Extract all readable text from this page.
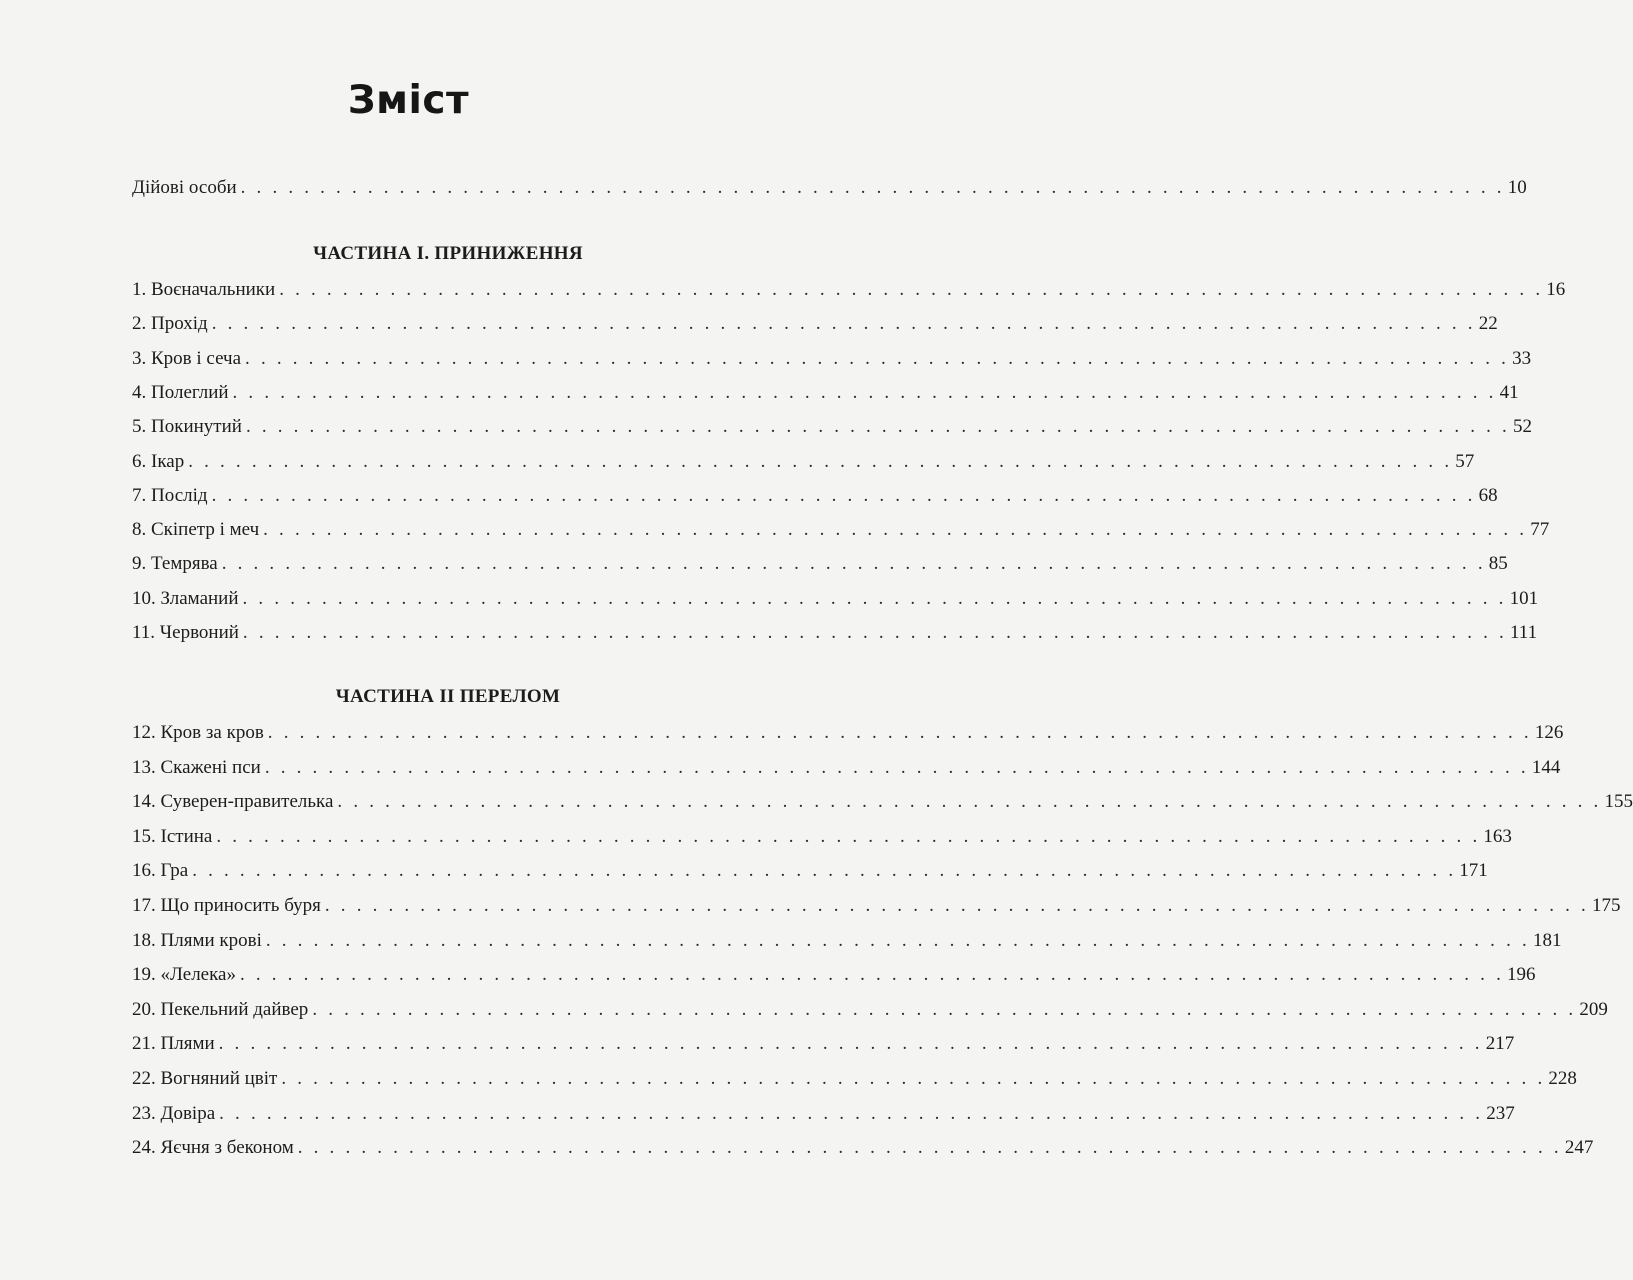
Зміст
Дійові особи . . . . . . . . . . . . . . . . . . . . . . . . . . . . . . . . . . . . . . . . . . . . . . . . . . . . . . . . . . . . . . . . . . . . . . . . . . . . . . . . 10
ЧАСТИНА І. ПРИНИЖЕННЯ
1. Воєначальники . . . . . . . . . . . . . . . . . . . . . . . . . . . . . . . . . . . . . . . . . . . . . . . . . . . . . . . . . . . . . . . . . . . . . . . . . . . . . . . . 16
2. Прохід . . . . . . . . . . . . . . . . . . . . . . . . . . . . . . . . . . . . . . . . . . . . . . . . . . . . . . . . . . . . . . . . . . . . . . . . . . . . . . . . 22
3. Кров і сеча . . . . . . . . . . . . . . . . . . . . . . . . . . . . . . . . . . . . . . . . . . . . . . . . . . . . . . . . . . . . . . . . . . . . . . . . . . . . . . . . 33
4. Полеглий . . . . . . . . . . . . . . . . . . . . . . . . . . . . . . . . . . . . . . . . . . . . . . . . . . . . . . . . . . . . . . . . . . . . . . . . . . . . . . . . 41
5. Покинутий . . . . . . . . . . . . . . . . . . . . . . . . . . . . . . . . . . . . . . . . . . . . . . . . . . . . . . . . . . . . . . . . . . . . . . . . . . . . . . . . 52
6. Ікар . . . . . . . . . . . . . . . . . . . . . . . . . . . . . . . . . . . . . . . . . . . . . . . . . . . . . . . . . . . . . . . . . . . . . . . . . . . . . . . . 57
7. Послід . . . . . . . . . . . . . . . . . . . . . . . . . . . . . . . . . . . . . . . . . . . . . . . . . . . . . . . . . . . . . . . . . . . . . . . . . . . . . . . . 68
8. Скіпетр і меч . . . . . . . . . . . . . . . . . . . . . . . . . . . . . . . . . . . . . . . . . . . . . . . . . . . . . . . . . . . . . . . . . . . . . . . . . . . . . . . . 77
9. Темрява . . . . . . . . . . . . . . . . . . . . . . . . . . . . . . . . . . . . . . . . . . . . . . . . . . . . . . . . . . . . . . . . . . . . . . . . . . . . . . . . 85
10. Зламаний . . . . . . . . . . . . . . . . . . . . . . . . . . . . . . . . . . . . . . . . . . . . . . . . . . . . . . . . . . . . . . . . . . . . . . . . . . . . . . . . 101
11. Червоний . . . . . . . . . . . . . . . . . . . . . . . . . . . . . . . . . . . . . . . . . . . . . . . . . . . . . . . . . . . . . . . . . . . . . . . . . . . . . . . . 111
ЧАСТИНА ІІ ПЕРЕЛОМ
12. Кров за кров . . . . . . . . . . . . . . . . . . . . . . . . . . . . . . . . . . . . . . . . . . . . . . . . . . . . . . . . . . . . . . . . . . . . . . . . . . . . . . . . 126
13. Скажені пси . . . . . . . . . . . . . . . . . . . . . . . . . . . . . . . . . . . . . . . . . . . . . . . . . . . . . . . . . . . . . . . . . . . . . . . . . . . . . . . . 144
14. Суверен-правителька . . . . . . . . . . . . . . . . . . . . . . . . . . . . . . . . . . . . . . . . . . . . . . . . . . . . . . . . . . . . . . . . . . . . . . . . . . . . . . . . 155
15. Істина . . . . . . . . . . . . . . . . . . . . . . . . . . . . . . . . . . . . . . . . . . . . . . . . . . . . . . . . . . . . . . . . . . . . . . . . . . . . . . . . 163
16. Гра . . . . . . . . . . . . . . . . . . . . . . . . . . . . . . . . . . . . . . . . . . . . . . . . . . . . . . . . . . . . . . . . . . . . . . . . . . . . . . . . 171
17. Що приносить буря . . . . . . . . . . . . . . . . . . . . . . . . . . . . . . . . . . . . . . . . . . . . . . . . . . . . . . . . . . . . . . . . . . . . . . . . . . . . . . . . 175
18. Плями крові . . . . . . . . . . . . . . . . . . . . . . . . . . . . . . . . . . . . . . . . . . . . . . . . . . . . . . . . . . . . . . . . . . . . . . . . . . . . . . . . 181
19. «Лелека» . . . . . . . . . . . . . . . . . . . . . . . . . . . . . . . . . . . . . . . . . . . . . . . . . . . . . . . . . . . . . . . . . . . . . . . . . . . . . . . . 196
20. Пекельний дайвер . . . . . . . . . . . . . . . . . . . . . . . . . . . . . . . . . . . . . . . . . . . . . . . . . . . . . . . . . . . . . . . . . . . . . . . . . . . . . . . . 209
21. Плями . . . . . . . . . . . . . . . . . . . . . . . . . . . . . . . . . . . . . . . . . . . . . . . . . . . . . . . . . . . . . . . . . . . . . . . . . . . . . . . . 217
22. Вогняний цвіт . . . . . . . . . . . . . . . . . . . . . . . . . . . . . . . . . . . . . . . . . . . . . . . . . . . . . . . . . . . . . . . . . . . . . . . . . . . . . . . . 228
23. Довіра . . . . . . . . . . . . . . . . . . . . . . . . . . . . . . . . . . . . . . . . . . . . . . . . . . . . . . . . . . . . . . . . . . . . . . . . . . . . . . . . 237
24. Яєчня з беконом . . . . . . . . . . . . . . . . . . . . . . . . . . . . . . . . . . . . . . . . . . . . . . . . . . . . . . . . . . . . . . . . . . . . . . . . . . . . . . . . 247
